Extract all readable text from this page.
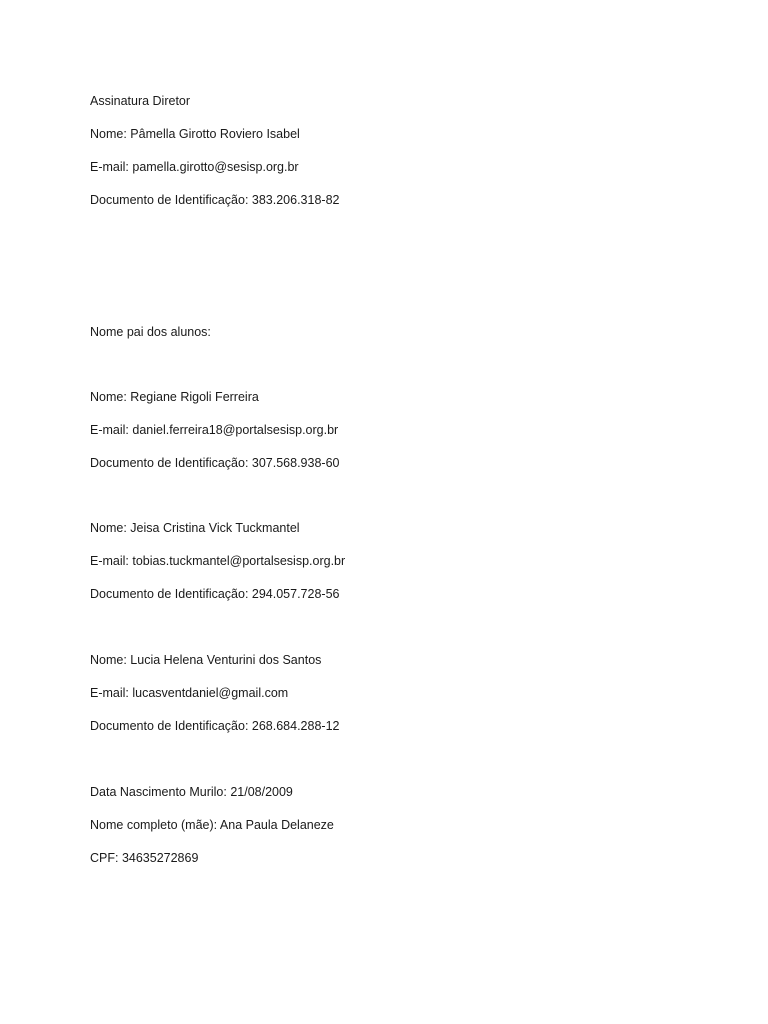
Assinatura Diretor
Nome: Pâmella Girotto Roviero Isabel
E-mail: pamella.girotto@sesisp.org.br
Documento de Identificação: 383.206.318-82
Nome pai dos alunos:
Nome: Regiane Rigoli Ferreira
E-mail: daniel.ferreira18@portalsesisp.org.br
Documento de Identificação: 307.568.938-60
Nome: Jeisa Cristina Vick Tuckmantel
E-mail: tobias.tuckmantel@portalsesisp.org.br
Documento de Identificação: 294.057.728-56
Nome: Lucia Helena Venturini dos Santos
E-mail: lucasventdaniel@gmail.com
Documento de Identificação: 268.684.288-12
Data Nascimento Murilo: 21/08/2009
Nome completo (mãe): Ana Paula Delaneze
CPF: 34635272869
